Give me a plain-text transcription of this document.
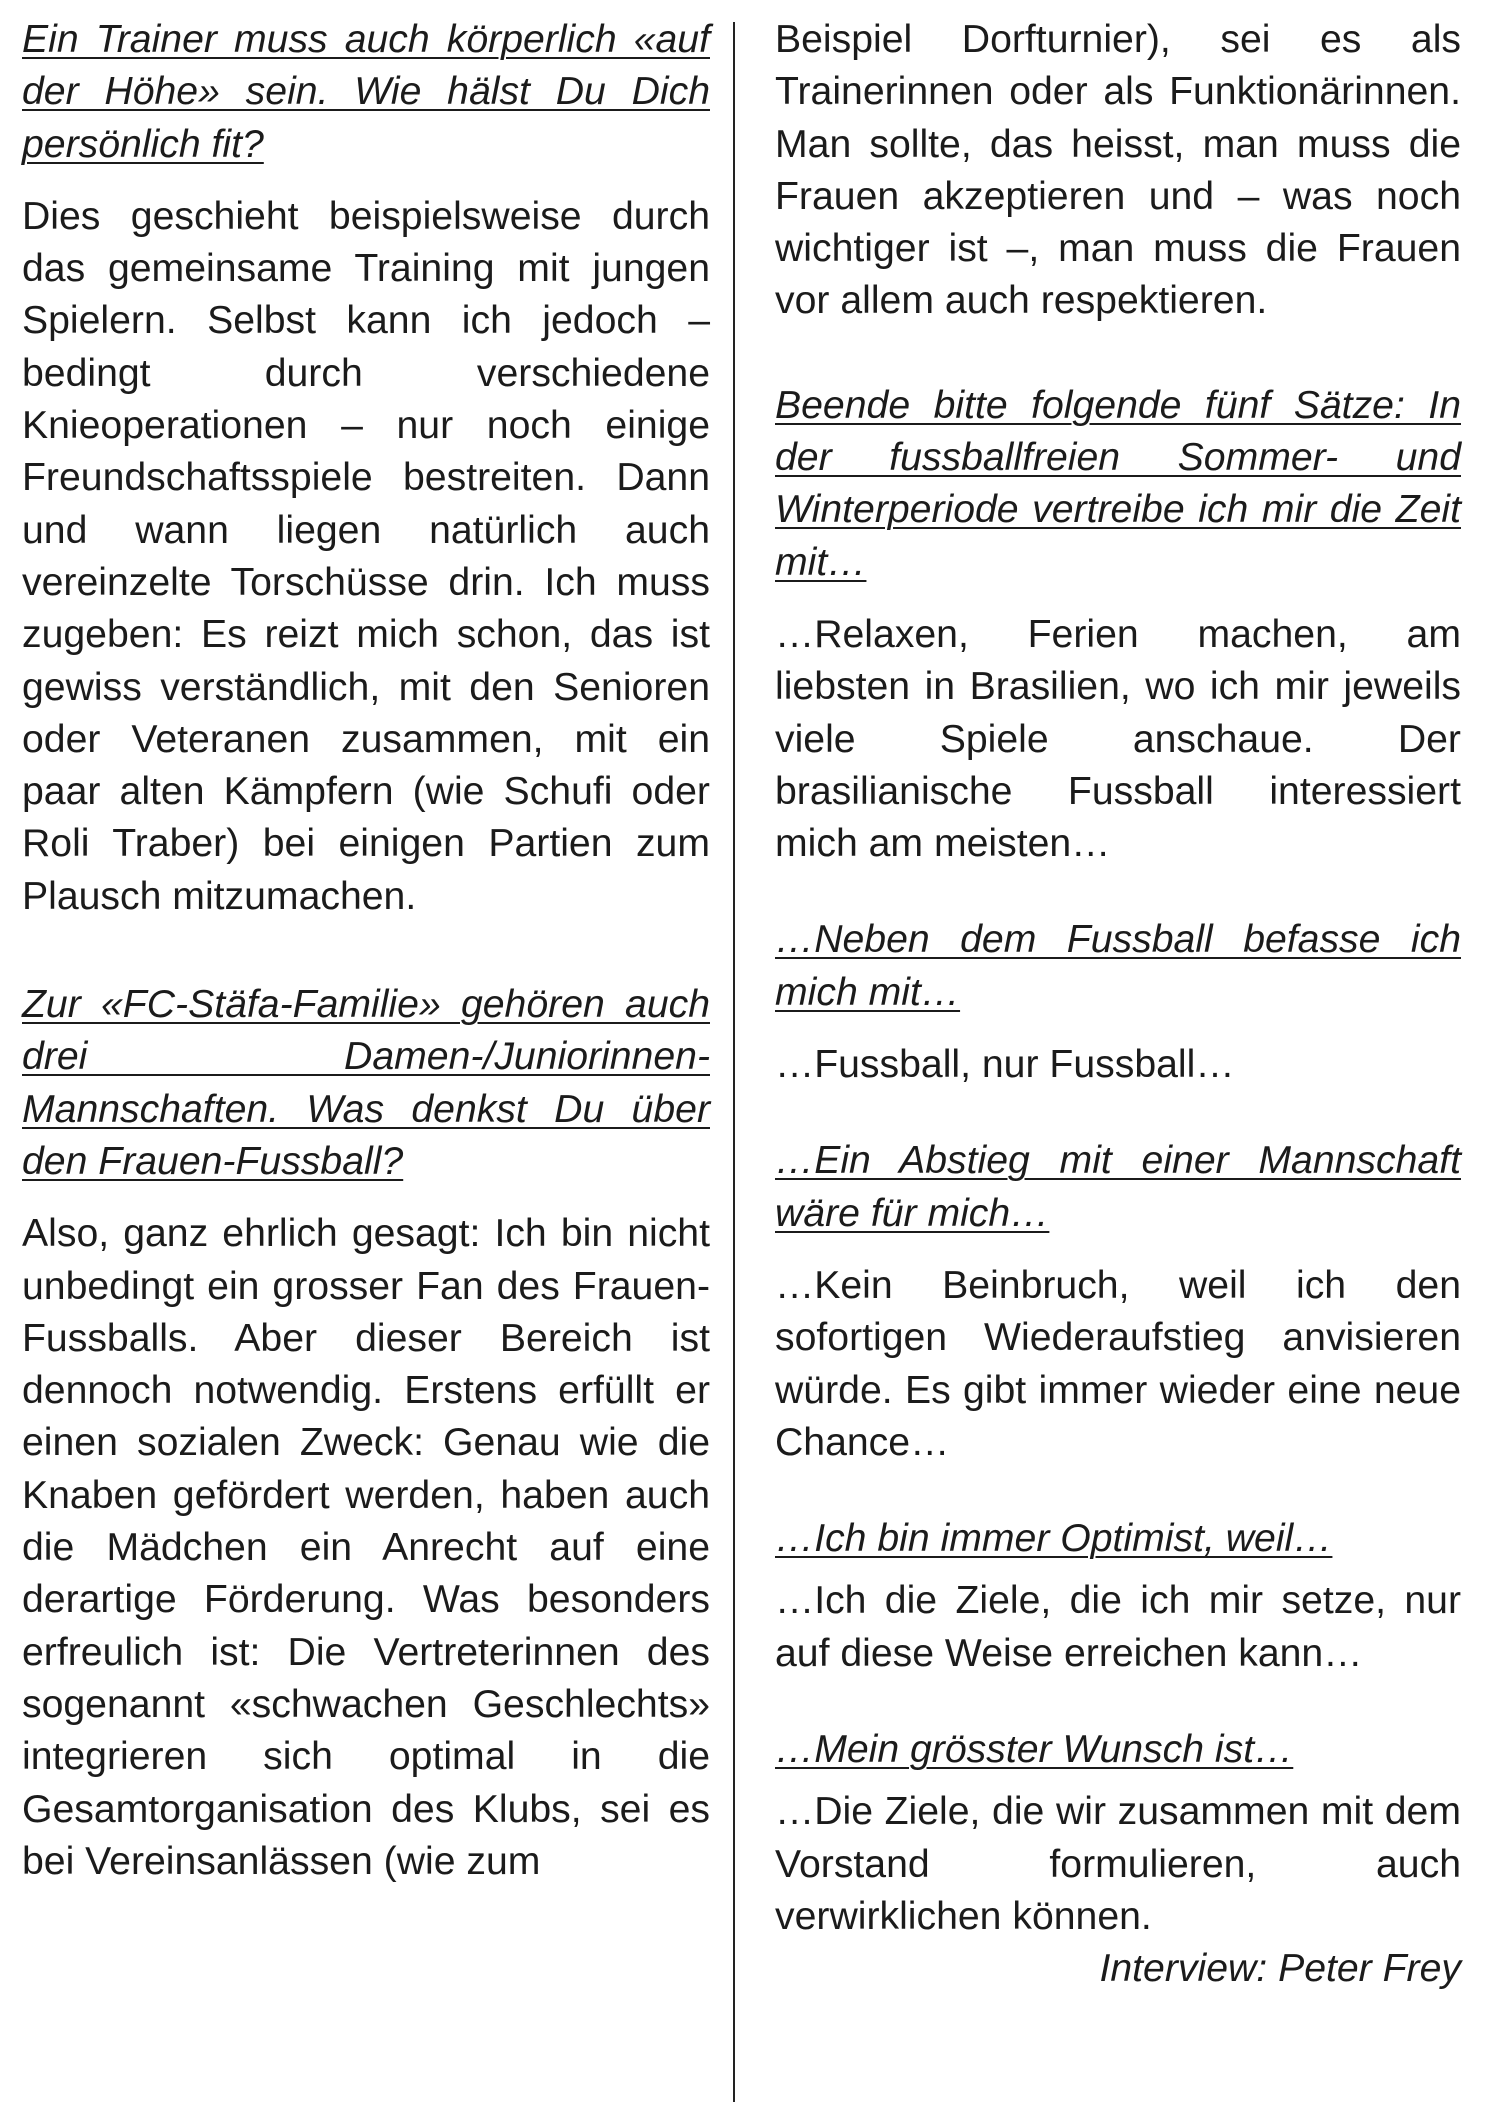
Ein Trainer muss auch körperlich «auf der Höhe» sein. Wie hälst Du Dich persönlich fit?

Dies geschieht beispielsweise durch das gemeinsame Training mit jungen Spielern. Selbst kann ich jedoch – bedingt durch verschiedene Knieoperationen – nur noch einige Freundschaftsspiele bestreiten. Dann und wann liegen natürlich auch vereinzelte Torschüsse drin. Ich muss zugeben: Es reizt mich schon, das ist gewiss verständlich, mit den Senioren oder Veteranen zusammen, mit ein paar alten Kämpfern (wie Schufi oder Roli Traber) bei einigen Partien zum Plausch mitzumachen.

Zur «FC-Stäfa-Familie» gehören auch drei Damen-/Juniorinnen-Mannschaften. Was denkst Du über den Frauen-Fussball?

Also, ganz ehrlich gesagt: Ich bin nicht unbedingt ein grosser Fan des Frauen-Fussballs. Aber dieser Bereich ist dennoch notwendig. Erstens erfüllt er einen sozialen Zweck: Genau wie die Knaben gefördert werden, haben auch die Mädchen ein Anrecht auf eine derartige Förderung. Was besonders erfreulich ist: Die Vertreterinnen des sogenannt «schwachen Geschlechts» integrieren sich optimal in die Gesamtorganisation des Klubs, sei es bei Vereinsanlässen (wie zum

Beispiel Dorfturnier), sei es als Trainerinnen oder als Funktionärinnen. Man sollte, das heisst, man muss die Frauen akzeptieren und – was noch wichtiger ist –, man muss die Frauen vor allem auch respektieren.

Beende bitte folgende fünf Sätze: In der fussballfreien Sommer- und Winterperiode vertreibe ich mir die Zeit mit…

…Relaxen, Ferien machen, am liebsten in Brasilien, wo ich mir jeweils viele Spiele anschaue. Der brasilianische Fussball interessiert mich am meisten…

…Neben dem Fussball befasse ich mich mit…

…Fussball, nur Fussball…

…Ein Abstieg mit einer Mannschaft wäre für mich…

…Kein Beinbruch, weil ich den sofortigen Wiederaufstieg anvisieren würde. Es gibt immer wieder eine neue Chance…

…Ich bin immer Optimist, weil…

…Ich die Ziele, die ich mir setze, nur auf diese Weise erreichen kann…

…Mein grösster Wunsch ist…

…Die Ziele, die wir zusammen mit dem Vorstand formulieren, auch verwirklichen können.

Interview: Peter Frey
